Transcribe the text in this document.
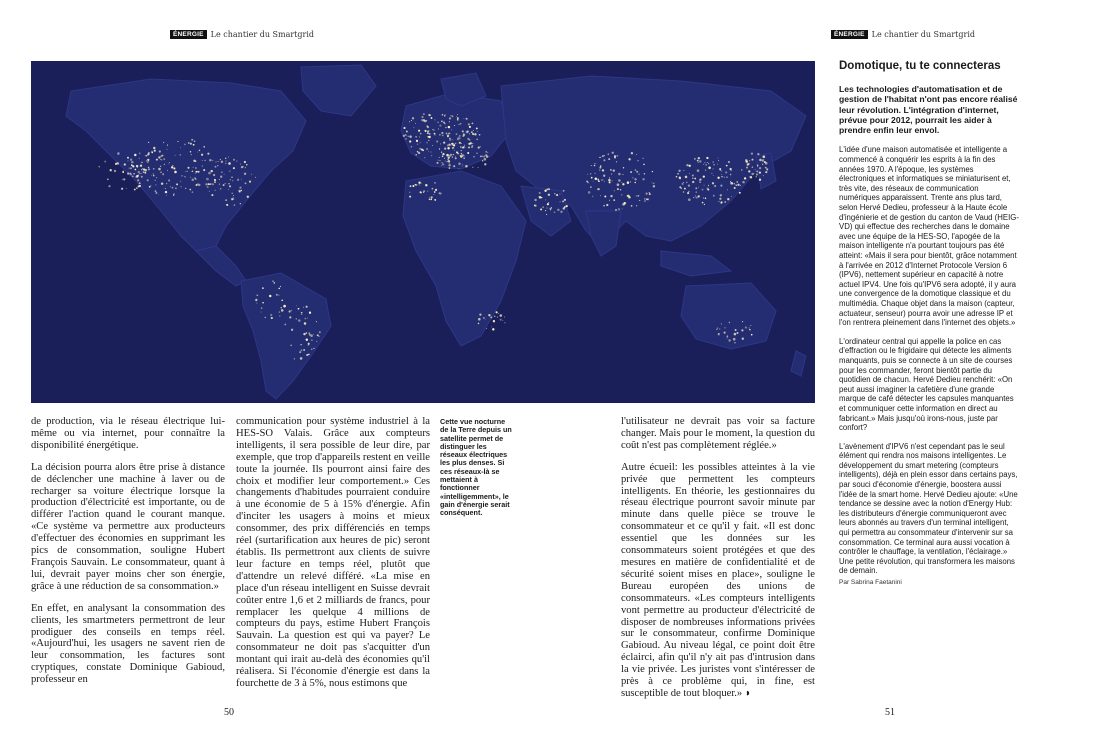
ÉNERGIE Le chantier du Smartgrid	ÉNERGIE Le chantier du Smartgrid

de production, via le réseau électrique lui-même ou via internet, pour connaître la disponibilité énergétique.

La décision pourra alors être prise à distance de déclencher une machine à laver ou de recharger sa voiture électrique lorsque la production d'électricité est importante, ou de différer l'action quand le courant manque. «Ce système va permettre aux producteurs d'effectuer des économies en supprimant les pics de consommation, souligne Hubert François Sauvain. Le consommateur, quant à lui, devrait payer moins cher son énergie, grâce à une réduction de sa consommation.»

En effet, en analysant la consommation des clients, les smartmeters permettront de leur prodiguer des conseils en temps réel. «Aujourd'hui, les usagers ne savent rien de leur consommation, les factures sont cryptiques, constate Dominique Gabioud, professeur en

communication pour système industriel à la HES-SO Valais. Grâce aux compteurs intelligents, il sera possible de leur dire, par exemple, que trop d'appareils restent en veille toute la journée. Ils pourront ainsi faire des choix et modifier leur comportement.» Ces changements d'habitudes pourraient conduire à une économie de 5 à 15% d'énergie. Afin d'inciter les usagers à moins et mieux consommer, des prix différenciés en temps réel (surtarification aux heures de pic) seront établis. Ils permettront aux clients de suivre leur facture en temps réel, plutôt que d'attendre un relevé différé. «La mise en place d'un réseau intelligent en Suisse devrait coûter entre 1,6 et 2 milliards de francs, pour remplacer les quelque 4 millions de compteurs du pays, estime Hubert François Sauvain. La question est qui va payer? Le consommateur ne doit pas s'acquitter d'un montant qui irait au-delà des économies qu'il réalisera. Si l'économie d'énergie est dans la fourchette de 3 à 5%, nous estimons que

Cette vue nocturne de la Terre depuis un satellite permet de distinguer les réseaux électriques les plus denses. Si ces réseaux-là se mettaient à fonctionner «intelligemment», le gain d'énergie serait conséquent.

l'utilisateur ne devrait pas voir sa facture changer. Mais pour le moment, la question du coût n'est pas complètement réglée.»

Autre écueil: les possibles atteintes à la vie privée que permettent les compteurs intelligents. En théorie, les gestionnaires du réseau électrique pourront savoir minute par minute dans quelle pièce se trouve le consommateur et ce qu'il y fait. «Il est donc essentiel que les données sur les consommateurs soient protégées et que des mesures en matière de confidentialité et de sécurité soient mises en place», souligne le Bureau européen des unions de consommateurs. «Les compteurs intelligents vont permettre au producteur d'électricité de disposer de nombreuses informations privées sur le consommateur, confirme Dominique Gabioud. Au niveau légal, ce point doit être éclairci, afin qu'il n'y ait pas d'intrusion dans la vie privée. Les juristes vont s'intéresser de près à ce problème qui, in fine, est susceptible de tout bloquer.» ◗

Domotique, tu te connecteras

Les technologies d'automatisation et de gestion de l'habitat n'ont pas encore réalisé leur révolution. L'intégration d'internet, prévue pour 2012, pourrait les aider à prendre enfin leur envol.

L'idée d'une maison automatisée et intelligente a commencé à conquérir les esprits à la fin des années 1970. A l'époque, les systèmes électroniques et informatiques se miniaturisent et, très vite, des réseaux de communication numériques apparaissent. Trente ans plus tard, selon Hervé Dedieu, professeur à la Haute école d'ingénierie et de gestion du canton de Vaud (HEIG-VD) qui effectue des recherches dans le domaine avec une équipe de la HES-SO, l'apogée de la maison intelligente n'a pourtant toujours pas été atteint: «Mais il sera pour bientôt, grâce notamment à l'arrivée en 2012 d'Internet Protocole Version 6 (IPV6), nettement supérieur en capacité à notre actuel IPV4. Une fois qu'IPV6 sera adopté, il y aura une convergence de la domotique classique et du multimédia. Chaque objet dans la maison (capteur, actuateur, senseur) pourra avoir une adresse IP et l'on rentrera pleinement dans l'internet des objets.»

L'ordinateur central qui appelle la police en cas d'effraction ou le frigidaire qui détecte les aliments manquants, puis se connecte à un site de courses pour les commander, feront bientôt partie du quotidien de chacun. Hervé Dedieu renchérit: «On peut aussi imaginer la cafetière d'une grande marque de café détecter les capsules manquantes et communiquer cette information en direct au fabricant.» Mais jusqu'où irons-nous, juste par confort?

L'avènement d'IPV6 n'est cependant pas le seul élément qui rendra nos maisons intelligentes. Le développement du smart metering (compteurs intelligents), déjà en plein essor dans certains pays, par souci d'économie d'énergie, boostera aussi l'idée de la smart home. Hervé Dedieu ajoute: «Une tendance se dessine avec la notion d'Energy Hub: les distributeurs d'énergie communiqueront avec leurs abonnés au travers d'un terminal intelligent, qui permettra au consommateur d'intervenir sur sa consommation. Ce terminal aura aussi vocation à contrôler le chauffage, la ventilation, l'éclairage.» Une petite révolution, qui transformera les maisons de demain.

Par Sabrina Faetanini
50	51
